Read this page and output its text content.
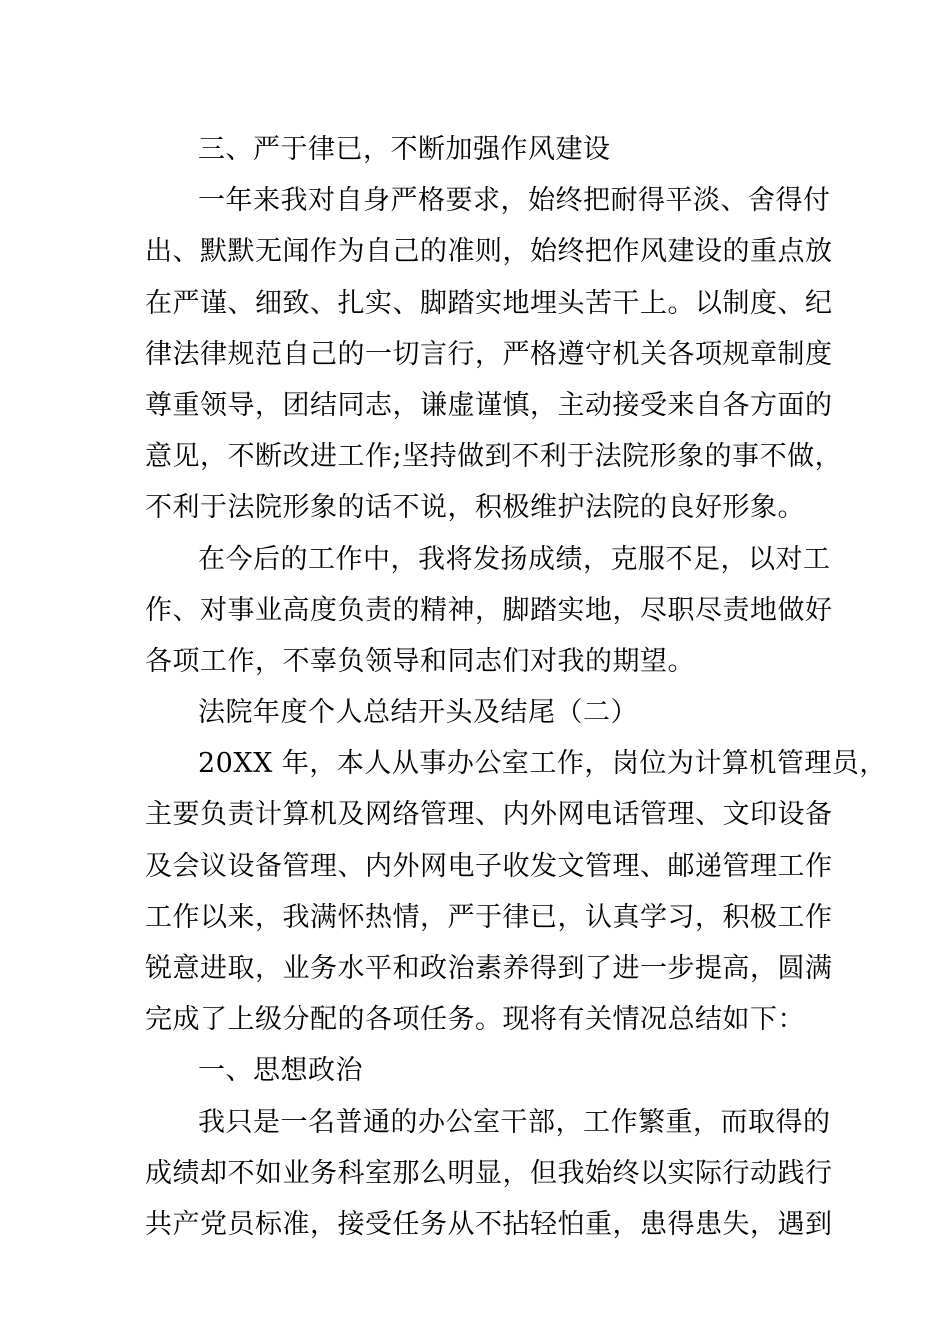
三、严于律已，不断加强作风建设
一年来我对自身严格要求，始终把耐得平淡、舍得付
出、默默无闻作为自己的准则，始终把作风建设的重点放
在严谨、细致、扎实、脚踏实地埋头苦干上。以制度、纪
律法律规范自己的一切言行，严格遵守机关各项规章制度
尊重领导，团结同志，谦虚谨慎，主动接受来自各方面的
意见，不断改进工作;坚持做到不利于法院形象的事不做，
不利于法院形象的话不说，积极维护法院的良好形象。
在今后的工作中，我将发扬成绩，克服不足，以对工
作、对事业高度负责的精神，脚踏实地，尽职尽责地做好
各项工作，不辜负领导和同志们对我的期望。
法院年度个人总结开头及结尾（二）
20XX 年，本人从事办公室工作，岗位为计算机管理员，
主要负责计算机及网络管理、内外网电话管理、文印设备
及会议设备管理、内外网电子收发文管理、邮递管理工作
工作以来，我满怀热情，严于律已，认真学习，积极工作
锐意进取，业务水平和政治素养得到了进一步提高，圆满
完成了上级分配的各项任务。现将有关情况总结如下：
一、思想政治
我只是一名普通的办公室干部，工作繁重，而取得的
成绩却不如业务科室那么明显，但我始终以实际行动践行
共产党员标准，接受任务从不拈轻怕重，患得患失，遇到
